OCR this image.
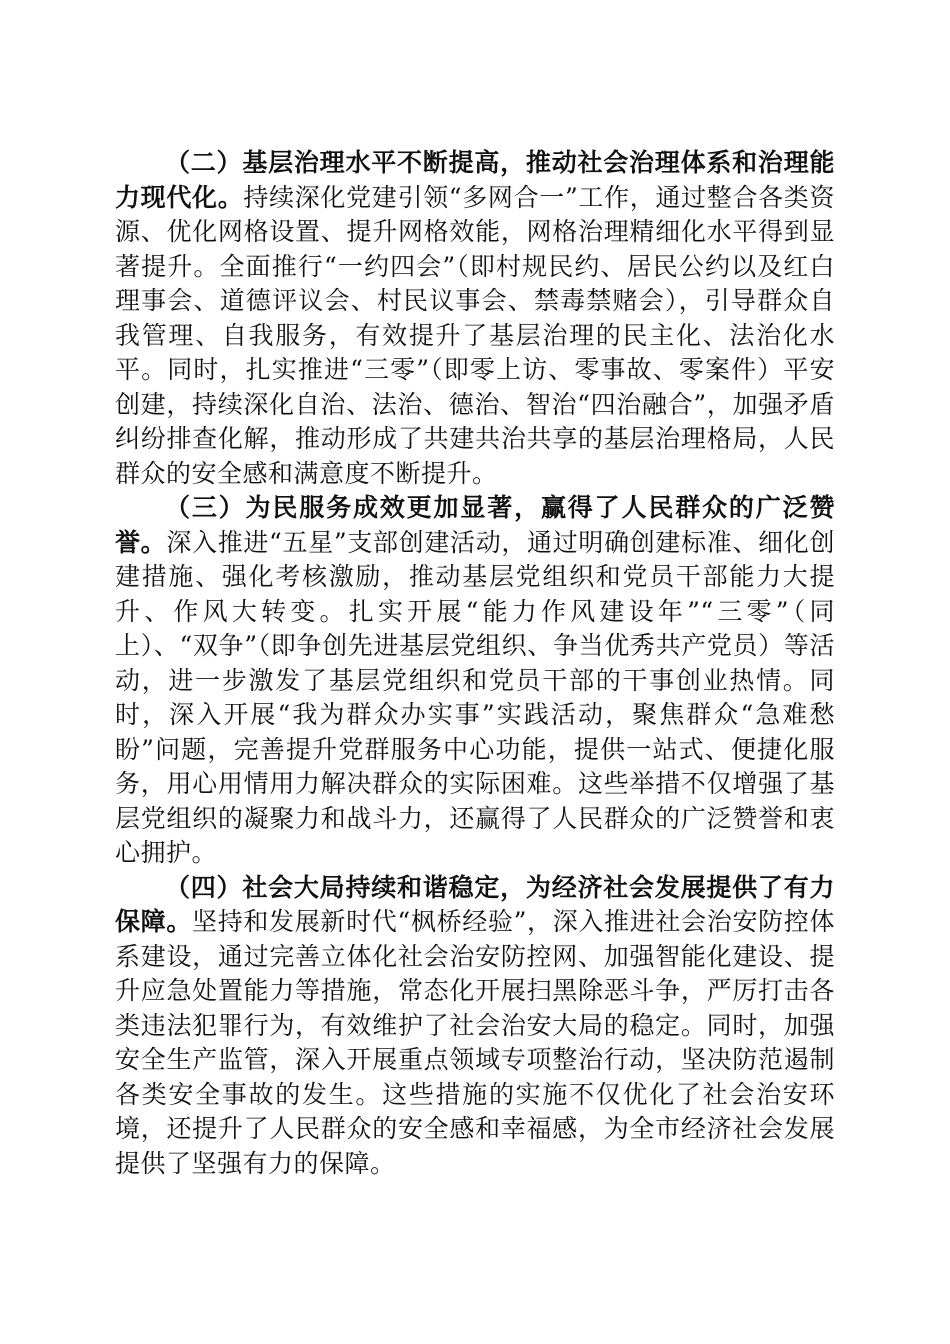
（二）基层治理水平不断提高，推动社会治理体系和治理能力现代化。持续深化党建引领“多网合一”工作，通过整合各类资源、优化网格设置、提升网格效能，网格治理精细化水平得到显著提升。全面推行“一约四会”（即村规民约、居民公约以及红白理事会、道德评议会、村民议事会、禁毒禁赌会），引导群众自我管理、自我服务，有效提升了基层治理的民主化、法治化水平。同时，扎实推进“三零”（即零上访、零事故、零案件）平安创建，持续深化自治、法治、德治、智治“四治融合”，加强矛盾纠纷排查化解，推动形成了共建共治共享的基层治理格局，人民群众的安全感和满意度不断提升。

（三）为民服务成效更加显著，赢得了人民群众的广泛赞誉。深入推进“五星”支部创建活动，通过明确创建标准、细化创建措施、强化考核激励，推动基层党组织和党员干部能力大提升、作风大转变。扎实开展“能力作风建设年”“三零”（同上）、“双争”（即争创先进基层党组织、争当优秀共产党员）等活动，进一步激发了基层党组织和党员干部的干事创业热情。同时，深入开展“我为群众办实事”实践活动，聚焦群众“急难愁盼”问题，完善提升党群服务中心功能，提供一站式、便捷化服务，用心用情用力解决群众的实际困难。这些举措不仅增强了基层党组织的凝聚力和战斗力，还赢得了人民群众的广泛赞誉和衷心拥护。

（四）社会大局持续和谐稳定，为经济社会发展提供了有力保障。坚持和发展新时代“枫桥经验”，深入推进社会治安防控体系建设，通过完善立体化社会治安防控网、加强智能化建设、提升应急处置能力等措施，常态化开展扫黑除恶斗争，严厉打击各类违法犯罪行为，有效维护了社会治安大局的稳定。同时，加强安全生产监管，深入开展重点领域专项整治行动，坚决防范遏制各类安全事故的发生。这些措施的实施不仅优化了社会治安环境，还提升了人民群众的安全感和幸福感，为全市经济社会发展提供了坚强有力的保障。
